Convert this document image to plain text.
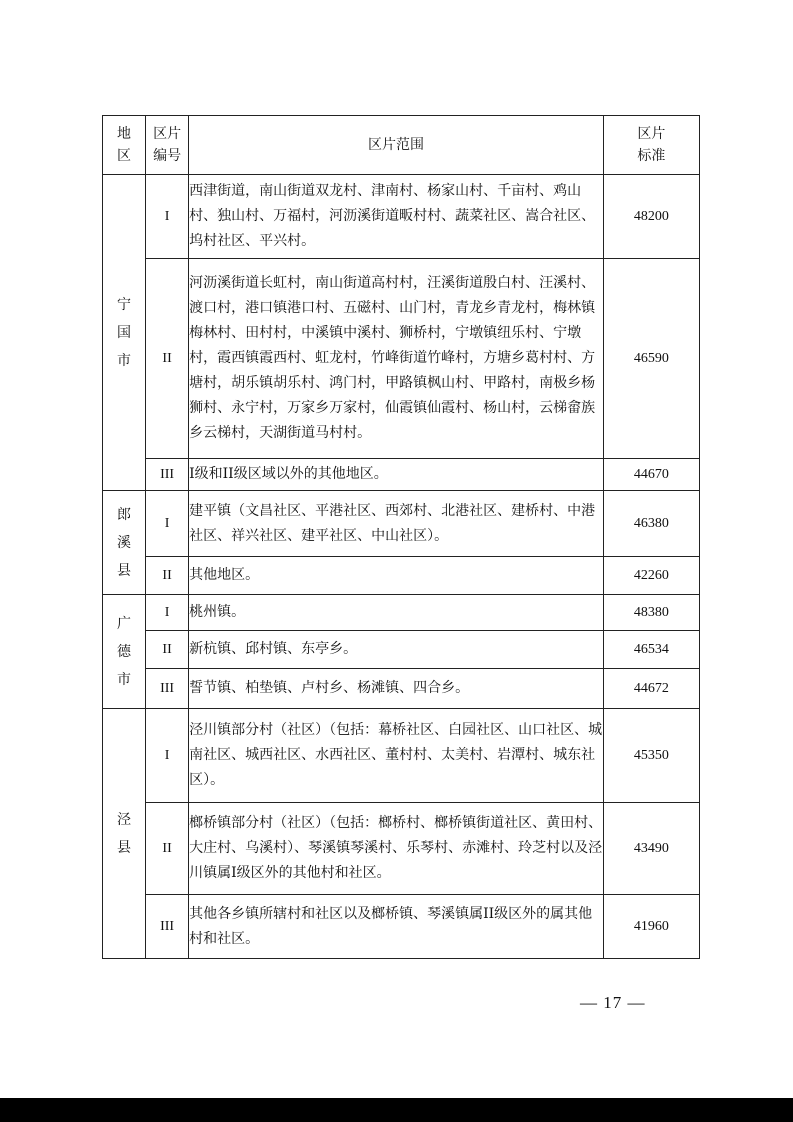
地区	区片编号	区片范围	区片标准

宁国市	I	西津街道，南山街道双龙村、津南村、杨家山村、千亩村、鸡山村、独山村、万福村，河沥溪街道畈村村、蔬菜社区、嵩合社区、坞村社区、平兴村。	48200
	II	河沥溪街道长虹村，南山街道高村村，汪溪街道殷白村、汪溪村、渡口村，港口镇港口村、五磁村、山门村，青龙乡青龙村，梅林镇梅林村、田村村，中溪镇中溪村、狮桥村，宁墩镇纽乐村、宁墩村，霞西镇霞西村、虹龙村，竹峰街道竹峰村，方塘乡葛村村、方塘村，胡乐镇胡乐村、鸿门村，甲路镇枫山村、甲路村，南极乡杨狮村、永宁村，万家乡万家村，仙霞镇仙霞村、杨山村，云梯畲族乡云梯村，天湖街道马村村。	46590
	III	I级和II级区域以外的其他地区。	44670

郎溪县	I	建平镇（文昌社区、平港社区、西郊村、北港社区、建桥村、中港社区、祥兴社区、建平社区、中山社区）。	46380
	II	其他地区。	42260

广德市	I	桃州镇。	48380
	II	新杭镇、邱村镇、东亭乡。	46534
	III	誓节镇、柏垫镇、卢村乡、杨滩镇、四合乡。	44672

泾县	I	泾川镇部分村（社区）（包括：幕桥社区、白园社区、山口社区、城南社区、城西社区、水西社区、董村村、太美村、岩潭村、城东社区）。	45350
	II	榔桥镇部分村（社区）（包括：榔桥村、榔桥镇街道社区、黄田村、大庄村、乌溪村）、琴溪镇琴溪村、乐琴村、赤滩村、玲芝村以及泾川镇属I级区外的其他村和社区。	43490
	III	其他各乡镇所辖村和社区以及榔桥镇、琴溪镇属II级区外的属其他村和社区。	41960
— 17 —
